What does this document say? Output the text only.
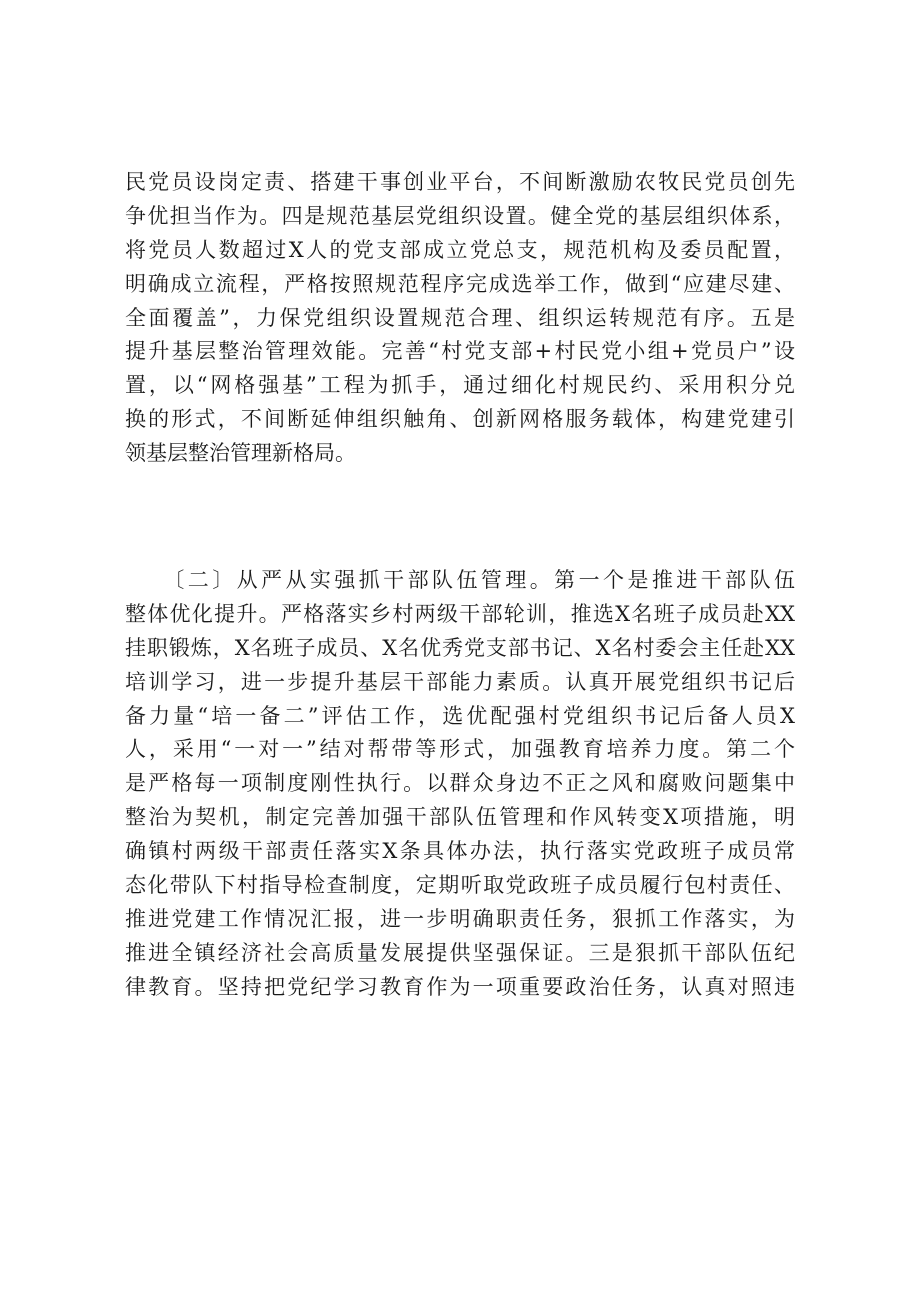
民党员设岗定责、搭建干事创业平台，不间断激励农牧民党员创先
争优担当作为。四是规范基层党组织设置。健全党的基层组织体系，
将党员人数超过X人的党支部成立党总支，规范机构及委员配置，
明确成立流程，严格按照规范程序完成选举工作，做到“应建尽建、
全面覆盖”，力保党组织设置规范合理、组织运转规范有序。五是
提升基层整治管理效能。完善“村党支部+村民党小组+党员户”设
置，以“网格强基”工程为抓手，通过细化村规民约、采用积分兑
换的形式，不间断延伸组织触角、创新网格服务载体，构建党建引
领基层整治管理新格局。
　　〔二〕从严从实强抓干部队伍管理。第一个是推进干部队伍
整体优化提升。严格落实乡村两级干部轮训，推选X名班子成员赴XX
挂职锻炼，X名班子成员、X名优秀党支部书记、X名村委会主任赴XX
培训学习，进一步提升基层干部能力素质。认真开展党组织书记后
备力量“培一备二”评估工作，选优配强村党组织书记后备人员X
人，采用“一对一”结对帮带等形式，加强教育培养力度。第二个
是严格每一项制度刚性执行。以群众身边不正之风和腐败问题集中
整治为契机，制定完善加强干部队伍管理和作风转变X项措施，明
确镇村两级干部责任落实X条具体办法，执行落实党政班子成员常
态化带队下村指导检查制度，定期听取党政班子成员履行包村责任、
推进党建工作情况汇报，进一步明确职责任务，狠抓工作落实，为
推进全镇经济社会高质量发展提供坚强保证。三是狠抓干部队伍纪
律教育。坚持把党纪学习教育作为一项重要政治任务，认真对照违
